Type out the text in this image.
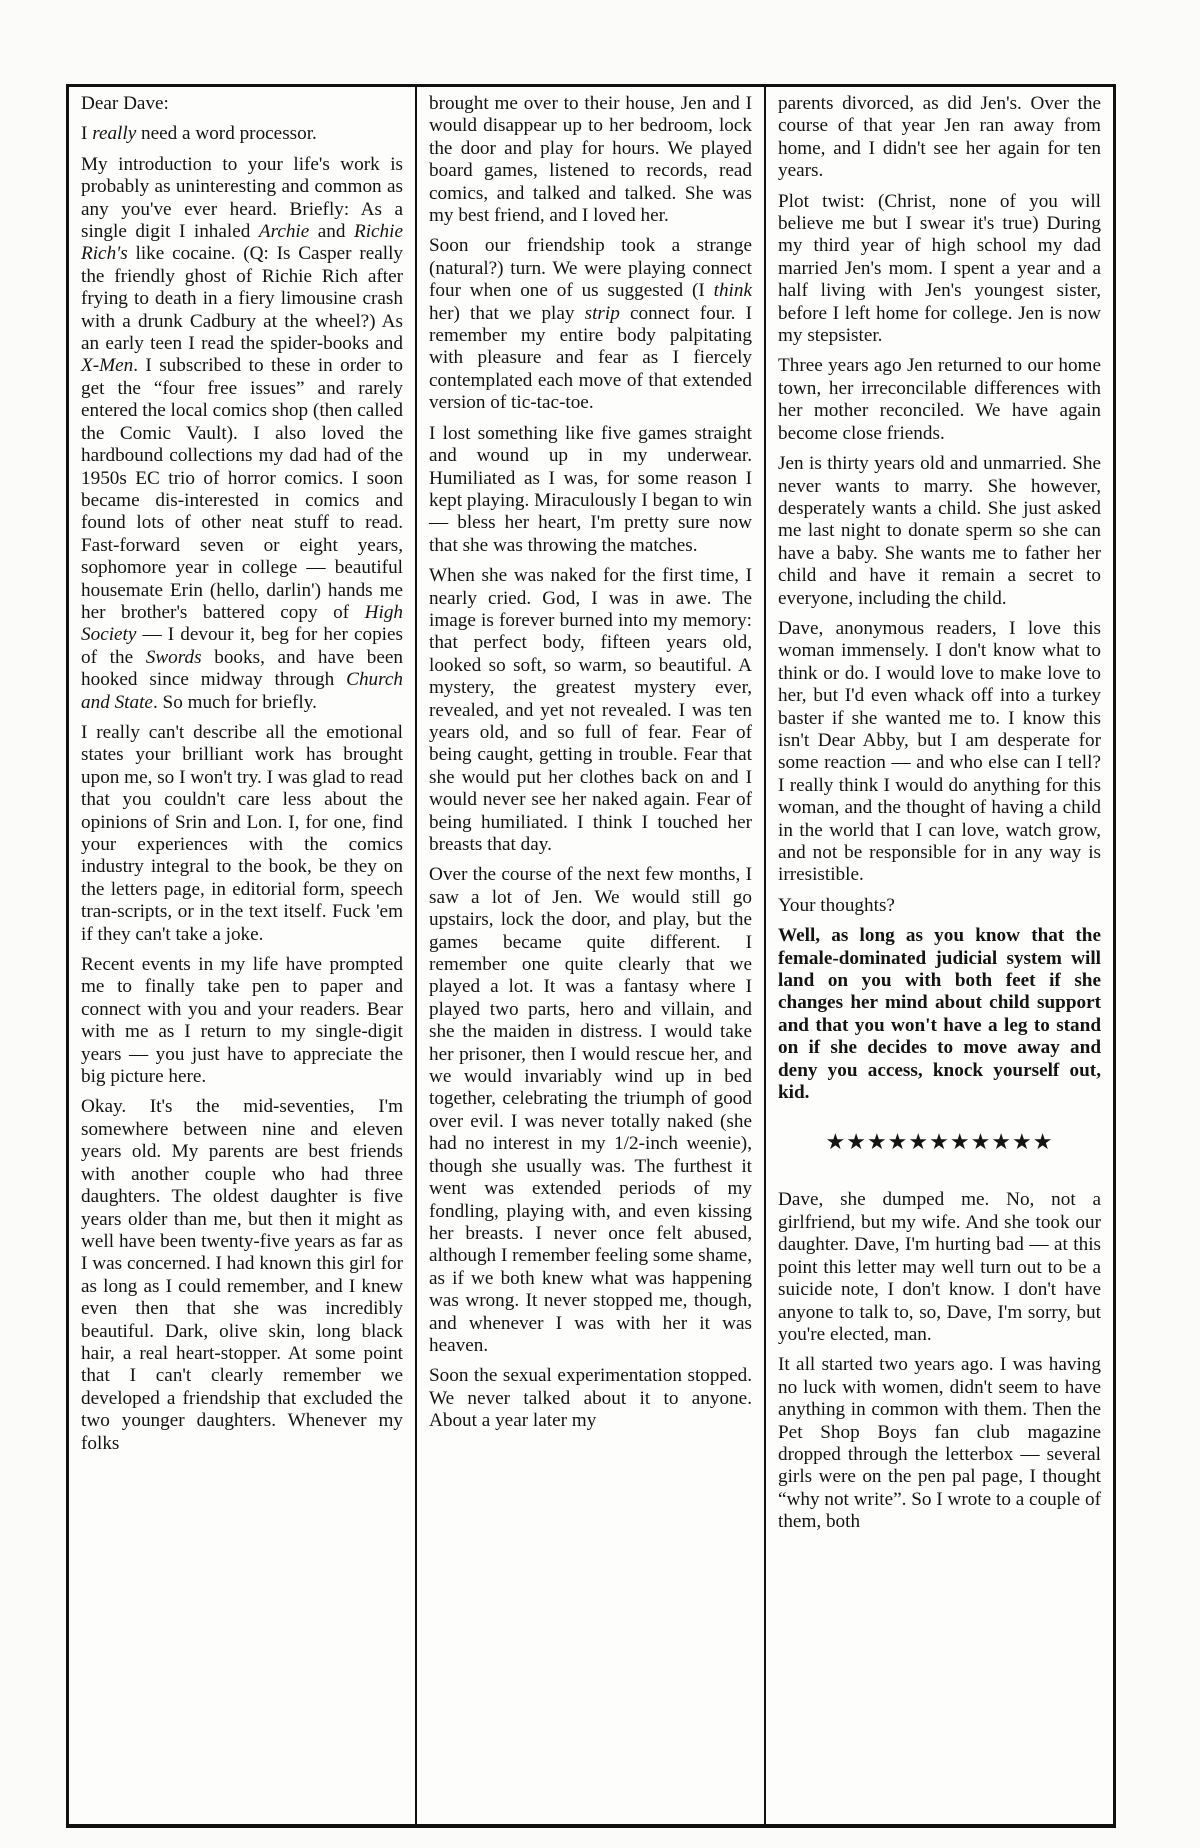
Dear Dave:

I really need a word processor.

My introduction to your life's work is probably as uninteresting and common as any you've ever heard. Briefly: As a single digit I inhaled Archie and Richie Rich's like cocaine. (Q: Is Casper really the friendly ghost of Richie Rich after frying to death in a fiery limousine crash with a drunk Cadbury at the wheel?) As an early teen I read the spider-books and X-Men. I subscribed to these in order to get the “four free issues” and rarely entered the local comics shop (then called the Comic Vault). I also loved the hardbound collections my dad had of the 1950s EC trio of horror comics. I soon became dis-interested in comics and found lots of other neat stuff to read. Fast-forward seven or eight years, sophomore year in college — beautiful housemate Erin (hello, darlin') hands me her brother's battered copy of High Society — I devour it, beg for her copies of the Swords books, and have been hooked since midway through Church and State. So much for briefly.

I really can't describe all the emotional states your brilliant work has brought upon me, so I won't try. I was glad to read that you couldn't care less about the opinions of Srin and Lon. I, for one, find your experiences with the comics industry integral to the book, be they on the letters page, in editorial form, speech tran-scripts, or in the text itself. Fuck 'em if they can't take a joke.

Recent events in my life have prompted me to finally take pen to paper and connect with you and your readers. Bear with me as I return to my single-digit years — you just have to appreciate the big picture here.

Okay. It's the mid-seventies, I'm somewhere between nine and eleven years old. My parents are best friends with another couple who had three daughters. The oldest daughter is five years older than me, but then it might as well have been twenty-five years as far as I was concerned. I had known this girl for as long as I could remember, and I knew even then that she was incredibly beautiful. Dark, olive skin, long black hair, a real heart-stopper. At some point that I can't clearly remember we developed a friendship that excluded the two younger daughters. Whenever my folks

brought me over to their house, Jen and I would disappear up to her bedroom, lock the door and play for hours. We played board games, listened to records, read comics, and talked and talked. She was my best friend, and I loved her.

Soon our friendship took a strange (natural?) turn. We were playing connect four when one of us suggested (I think her) that we play strip connect four. I remember my entire body palpitating with pleasure and fear as I fiercely contemplated each move of that extended version of tic-tac-toe.

I lost something like five games straight and wound up in my underwear. Humiliated as I was, for some reason I kept playing. Miraculously I began to win — bless her heart, I'm pretty sure now that she was throwing the matches.

When she was naked for the first time, I nearly cried. God, I was in awe. The image is forever burned into my memory: that perfect body, fifteen years old, looked so soft, so warm, so beautiful. A mystery, the greatest mystery ever, revealed, and yet not revealed. I was ten years old, and so full of fear. Fear of being caught, getting in trouble. Fear that she would put her clothes back on and I would never see her naked again. Fear of being humiliated. I think I touched her breasts that day.

Over the course of the next few months, I saw a lot of Jen. We would still go upstairs, lock the door, and play, but the games became quite different. I remember one quite clearly that we played a lot. It was a fantasy where I played two parts, hero and villain, and she the maiden in distress. I would take her prisoner, then I would rescue her, and we would invariably wind up in bed together, celebrating the triumph of good over evil. I was never totally naked (she had no interest in my 1/2-inch weenie), though she usually was. The furthest it went was extended periods of my fondling, playing with, and even kissing her breasts. I never once felt abused, although I remember feeling some shame, as if we both knew what was happening was wrong. It never stopped me, though, and whenever I was with her it was heaven.

Soon the sexual experimentation stopped. We never talked about it to anyone. About a year later my

parents divorced, as did Jen's. Over the course of that year Jen ran away from home, and I didn't see her again for ten years.

Plot twist: (Christ, none of you will believe me but I swear it's true) During my third year of high school my dad married Jen's mom. I spent a year and a half living with Jen's youngest sister, before I left home for college. Jen is now my stepsister.

Three years ago Jen returned to our home town, her irreconcilable differences with her mother reconciled. We have again become close friends.

Jen is thirty years old and unmarried. She never wants to marry. She however, desperately wants a child. She just asked me last night to donate sperm so she can have a baby. She wants me to father her child and have it remain a secret to everyone, including the child.

Dave, anonymous readers, I love this woman immensely. I don't know what to think or do. I would love to make love to her, but I'd even whack off into a turkey baster if she wanted me to. I know this isn't Dear Abby, but I am desperate for some reaction — and who else can I tell? I really think I would do anything for this woman, and the thought of having a child in the world that I can love, watch grow, and not be responsible for in any way is irresistible.

Your thoughts?

Well, as long as you know that the female-dominated judicial system will land on you with both feet if she changes her mind about child support and that you won't have a leg to stand on if she decides to move away and deny you access, knock yourself out, kid.

★★★★★★★★★★★

Dave, she dumped me. No, not a girlfriend, but my wife. And she took our daughter. Dave, I'm hurting bad — at this point this letter may well turn out to be a suicide note, I don't know. I don't have anyone to talk to, so, Dave, I'm sorry, but you're elected, man.

It all started two years ago. I was having no luck with women, didn't seem to have anything in common with them. Then the Pet Shop Boys fan club magazine dropped through the letterbox — several girls were on the pen pal page, I thought “why not write”. So I wrote to a couple of them, both
